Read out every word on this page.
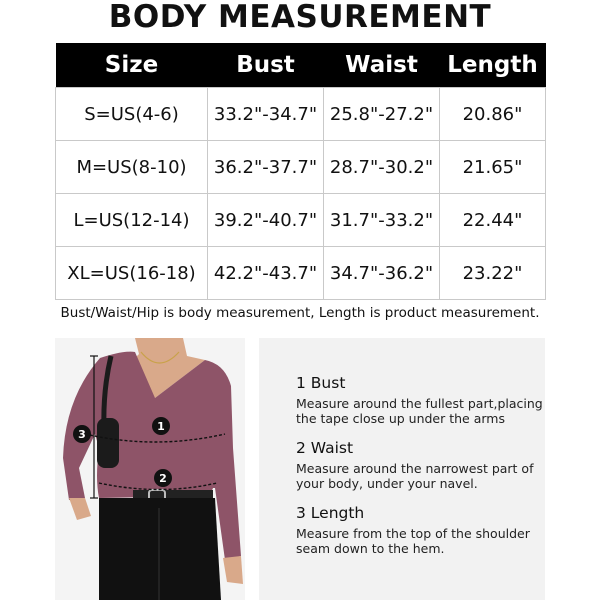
BODY MEASUREMENT
Size	Bust	Waist	Length
S=US(4-6)	33.2"-34.7"	25.8"-27.2"	20.86"
M=US(8-10)	36.2"-37.7"	28.7"-30.2"	21.65"
L=US(12-14)	39.2"-40.7"	31.7"-33.2"	22.44"
XL=US(16-18)	42.2"-43.7"	34.7"-36.2"	23.22"
Bust/Waist/Hip is body measurement, Length is product measurement.
1
2
3
1 Bust

Measure around the fullest part,placing
the tape close up under the arms

2 Waist

Measure around the narrowest part of
your body, under your navel.

3 Length

Measure from the top of the shoulder
seam down to the hem.
